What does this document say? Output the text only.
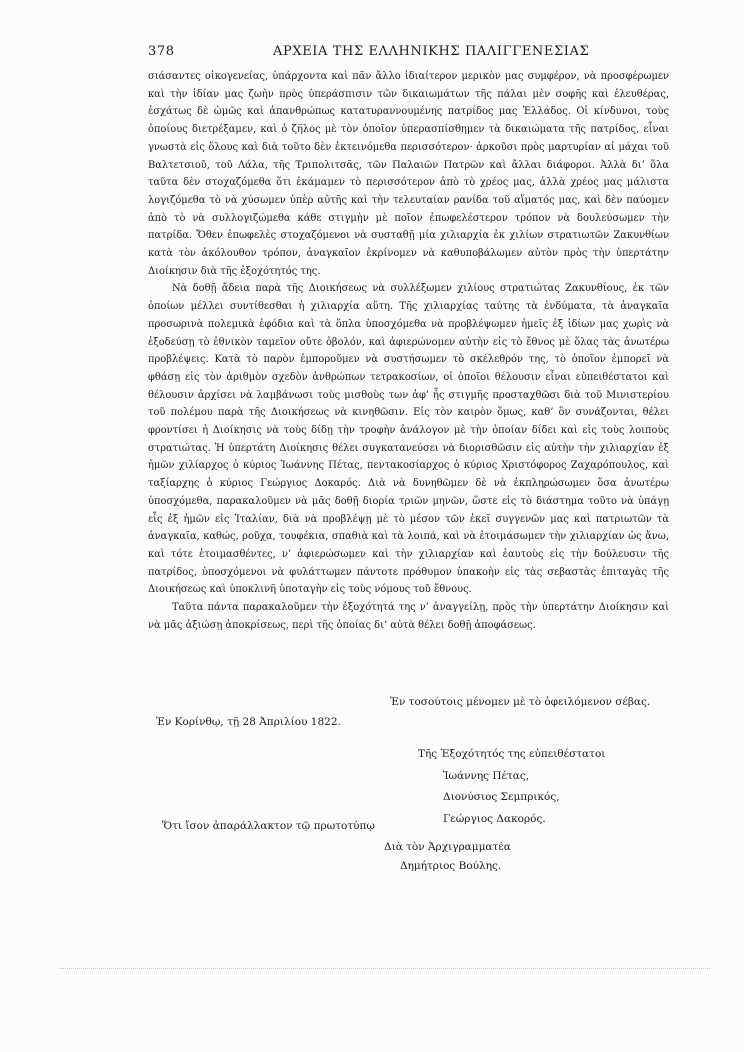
378	ΑΡΧΕΙΑ ΤΗΣ ΕΛΛΗΝΙΚΗΣ ΠΑΛΙΓΓΕΝΕΣΙΑΣ

σιάσαντες οἰκογενείας, ὑπάρχοντα καὶ πᾶν ἄλλο ἰδιαίτερον μερικὸν μας συμφέρον, νὰ προσφέρωμεν καὶ τὴν ἰδίαν μας ζωὴν πρὸς ὑπεράσπισιν τῶν δικαιωμάτων τῆς πάλαι μὲν σοφῆς καὶ ἐλευθέρας, ἐσχάτως δὲ ὠμῶς καὶ ἀπανθρώπως κατατυραννουμένης πατρίδος μας Ἑλλάδος. Οἱ κίνδυνοι, τοὺς ὁποίους διετρέξαμεν, καὶ ὁ ζῆλος μὲ τὸν ὁποῖον ὑπερασπίσθημεν τὰ δικαιώματα τῆς πατρίδος, εἶναι γνωστὰ εἰς ὅλους καὶ διὰ τοῦτο δὲν ἐκτεινόμεθα περισσότερον· ἀρκοῦσι πρὸς μαρτυρίαν αἱ μάχαι τοῦ Βαλτετσιοῦ, τοῦ Λάλα, τῆς Τριπολιτσᾶς, τῶν Παλαιῶν Πατρῶν καὶ ἄλλαι διάφοροι. Ἀλλὰ δι’ ὅλα ταῦτα δὲν στοχαζόμεθα ὅτι ἐκάμαμεν τὸ περισσότερον ἀπὸ τὸ χρέος μας, ἀλλὰ χρέος μας μάλιστα λογιζόμεθα τὸ νὰ χύσωμεν ὑπὲρ αὐτῆς καὶ τὴν τελευταίαν ρανίδα τοῦ αἵματός μας, καὶ δὲν παύομεν ἀπὸ τὸ νὰ συλλογιζώμεθα κάθε στιγμὴν μὲ ποῖον ἐπωφελέστερον τρόπον νὰ δουλεύσωμεν τὴν πατρίδα. Ὅθεν ἐπωφελὲς στοχαζόμενοι νὰ συσταθῇ μία χιλιαρχία ἐκ χιλίων στρατιωτῶν Ζακυνθίων κατὰ τὸν ἀκόλουθον τρόπον, ἀναγκαῖον ἐκρίνομεν νὰ καθυποβάλωμεν αὐτὸν πρὸς τὴν ὑπερτάτην Διοίκησιν διὰ τῆς ἐξοχότητός της.

Νὰ δοθῇ ἄδεια παρὰ τῆς Διοικήσεως νὰ συλλέξωμεν χιλίους στρατιώτας Ζακυνθίους, ἐκ τῶν ὁποίων μέλλει συντίθεσθαι ἡ χιλιαρχία αὕτη. Τῆς χιλιαρχίας ταύτης τὰ ἐνδύματα, τὰ ἀναγκαῖα προσωρινὰ πολεμικὰ ἐφόδια καὶ τὰ ὅπλα ὑποσχόμεθα νὰ προβλέψωμεν ἡμεῖς ἐξ ἰδίων μας χωρὶς νὰ ἐξοδεύσῃ τὸ ἐθνικὸν ταμεῖον οὔτε ὀβολόν, καὶ ἀφιερώνομεν αὐτὴν εἰς τὸ ἔθνος μὲ ὅλας τὰς ἀνωτέρω προβλέψεις. Κατὰ τὸ παρὸν ἐμποροῦμεν νὰ συστήσωμεν τὸ σκέλεθρόν της, τὸ ὁποῖον ἐμπορεῖ νὰ φθάσῃ εἰς τὸν ἀριθμὸν σχεδὸν ἀνθρώπων τετρακοσίων, οἱ ὁποῖοι θέλουσιν εἶναι εὐπειθέστατοι καὶ θέλουσιν ἀρχίσει νὰ λαμβάνωσι τοὺς μισθοὺς των ἀφ’ ἧς στιγμῆς προσταχθῶσι διὰ τοῦ Μινιστερίου τοῦ πολέμου παρὰ τῆς Διοικήσεως νὰ κινηθῶσιν. Εἰς τὸν καιρὸν ὅμως, καθ’ ὃν συνάζονται, θέλει φροντίσει ἡ Διοίκησις νὰ τοὺς δίδῃ τὴν τροφὴν ἀνάλογον μὲ τὴν ὁποίαν δίδει καὶ εἰς τοὺς λοιποὺς στρατιώτας. Ἡ ὑπερτάτη Διοίκησις θέλει συγκατανεύσει νὰ διορισθῶσιν εἰς αὐτὴν τὴν χιλιαρχίαν ἐξ ἡμῶν χιλίαρχος ὁ κύριος Ἰωάννης Πέτας, πεντακοσίαρχος ὁ κύριος Χριστόφορος Ζαχαρόπουλος, καὶ ταξίαρχης ὁ κύριος Γεώργιος Δοκαρός. Διὰ νὰ δυνηθῶμεν δὲ νὰ ἐκπληρώσωμεν ὅσα ἀνωτέρω ὑποσχόμεθα, παρακαλοῦμεν νὰ μᾶς δοθῇ διορία τριῶν μηνῶν, ὥστε εἰς τὸ διάστημα τοῦτο νὰ ὑπάγῃ εἷς ἐξ ἡμῶν εἰς Ἰταλίαν, διὰ νὰ προβλέψῃ μὲ τὸ μέσον τῶν ἐκεῖ συγγενῶν μας καὶ πατριωτῶν τὰ ἀναγκαῖα, καθώς, ροῦχα, τουφέκια, σπαθιὰ καὶ τὰ λοιπά, καὶ νὰ ἑτοιμάσωμεν τὴν χιλιαρχίαν ὡς ἄνω, καὶ τότε ἑτοιμασθέντες, ν’ ἀφιερώσωμεν καὶ τὴν χιλιαρχίαν καὶ ἑαυτοὺς εἰς τὴν δούλευσιν τῆς πατρίδος, ὑποσχόμενοι νὰ φυλάττωμεν πάντοτε πρόθυμον ὑπακοὴν εἰς τὰς σεβαστὰς ἐπιταγὰς τῆς Διοικήσεως καὶ ὑποκλινῆ ὑποταγὴν εἰς τοὺς νόμους τοῦ ἔθνους.

Ταῦτα πάντα παρακαλοῦμεν τὴν ἐξοχότητά της ν’ ἀναγγείλῃ, πρὸς τὴν ὑπερτάτην Διοίκησιν καὶ νὰ μᾶς ἀξιώσῃ ἀποκρίσεως, περὶ τῆς ὁποίας δι’ αὐτὰ θέλει δοθῇ ἀποφάσεως.

Ἐν τοσούτοις μένομεν μὲ τὸ ὀφειλόμενον σέβας.
Ἐν Κορίνθῳ, τῇ 28 Ἀπριλίου 1822.
Τῆς Ἐξοχότητός της εὐπειθέστατοι
Ἰωάννης Πέτας,
Διονύσιος Σεμπρικός,
Γεώργιος Δακορός.
Ὅτι ἴσον ἀπαράλλακτον τῷ πρωτοτύπῳ
Διὰ τὸν Ἀρχιγραμματέα
Δημήτριος Βούλης.
